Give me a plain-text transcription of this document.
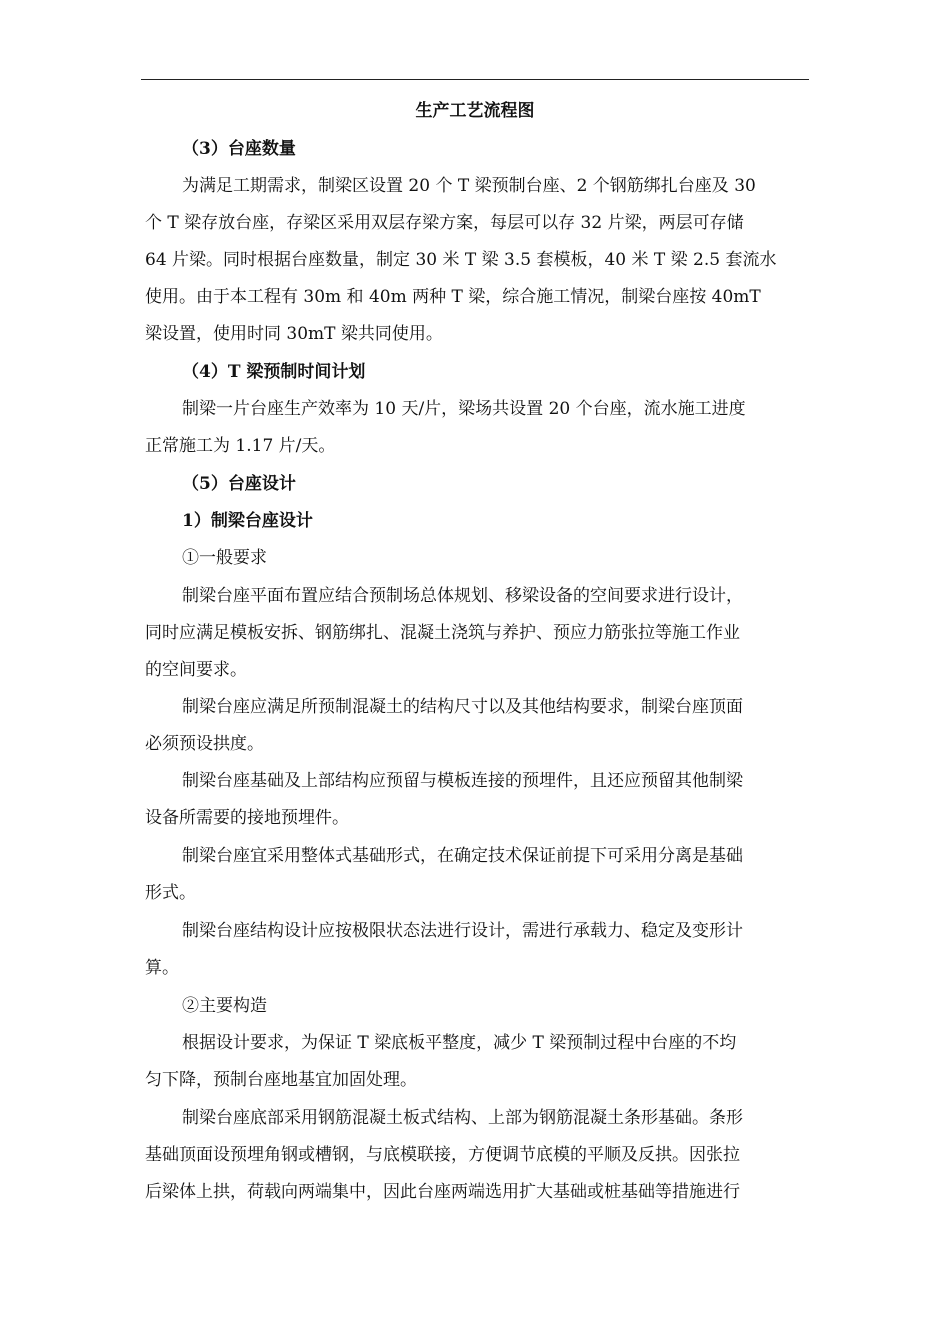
生产工艺流程图
（3）台座数量
为满足工期需求，制梁区设置 20 个 T 梁预制台座、2 个钢筋绑扎台座及 30
个 T 梁存放台座，存梁区采用双层存梁方案，每层可以存 32 片梁，两层可存储
64 片梁。同时根据台座数量，制定 30 米 T 梁 3.5 套模板，40 米 T 梁 2.5 套流水
使用。由于本工程有 30m 和 40m 两种 T 梁，综合施工情况，制梁台座按 40mT
梁设置，使用时同 30mT 梁共同使用。
（4）T 梁预制时间计划
制梁一片台座生产效率为 10 天/片，梁场共设置 20 个台座，流水施工进度
正常施工为 1.17 片/天。
（5）台座设计
1）制梁台座设计
①一般要求
制梁台座平面布置应结合预制场总体规划、移梁设备的空间要求进行设计，
同时应满足模板安拆、钢筋绑扎、混凝土浇筑与养护、预应力筋张拉等施工作业
的空间要求。
制梁台座应满足所预制混凝土的结构尺寸以及其他结构要求，制梁台座顶面
必须预设拱度。
制梁台座基础及上部结构应预留与模板连接的预埋件，且还应预留其他制梁
设备所需要的接地预埋件。
制梁台座宜采用整体式基础形式，在确定技术保证前提下可采用分离是基础
形式。
制梁台座结构设计应按极限状态法进行设计，需进行承载力、稳定及变形计
算。
②主要构造
根据设计要求，为保证 T 梁底板平整度，减少 T 梁预制过程中台座的不均
匀下降，预制台座地基宜加固处理。
制梁台座底部采用钢筋混凝土板式结构、上部为钢筋混凝土条形基础。条形
基础顶面设预埋角钢或槽钢，与底模联接，方便调节底模的平顺及反拱。因张拉
后梁体上拱，荷载向两端集中，因此台座两端选用扩大基础或桩基础等措施进行
